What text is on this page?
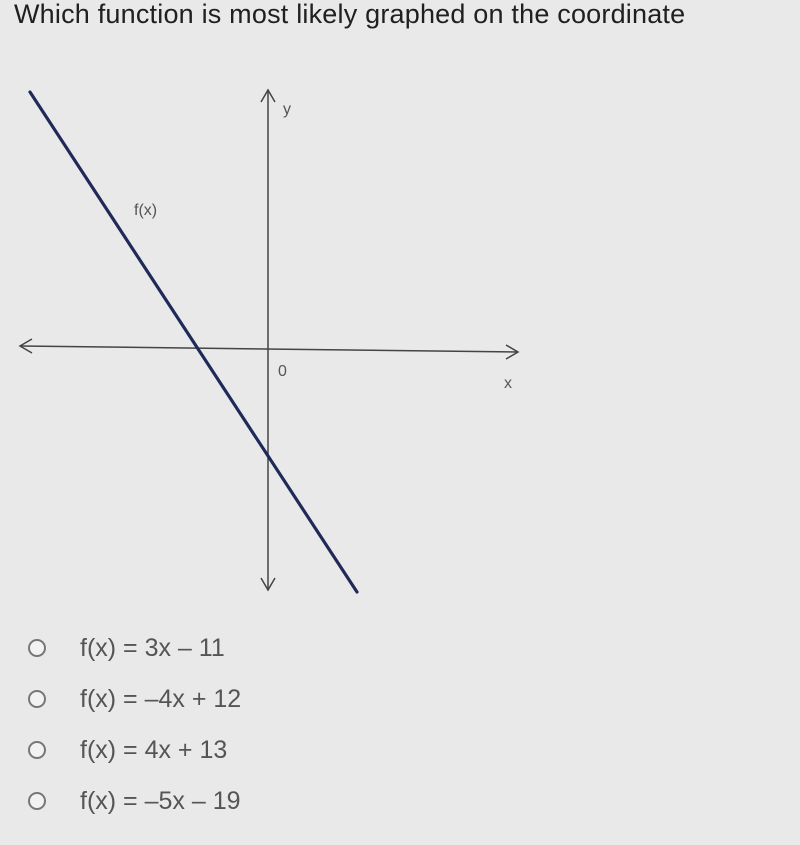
Which function is most likely graphed on the coordinate
y
x
0
f(x)
f(x) = 3x – 11
f(x) = –4x + 12
f(x) = 4x + 13
f(x) = –5x – 19
